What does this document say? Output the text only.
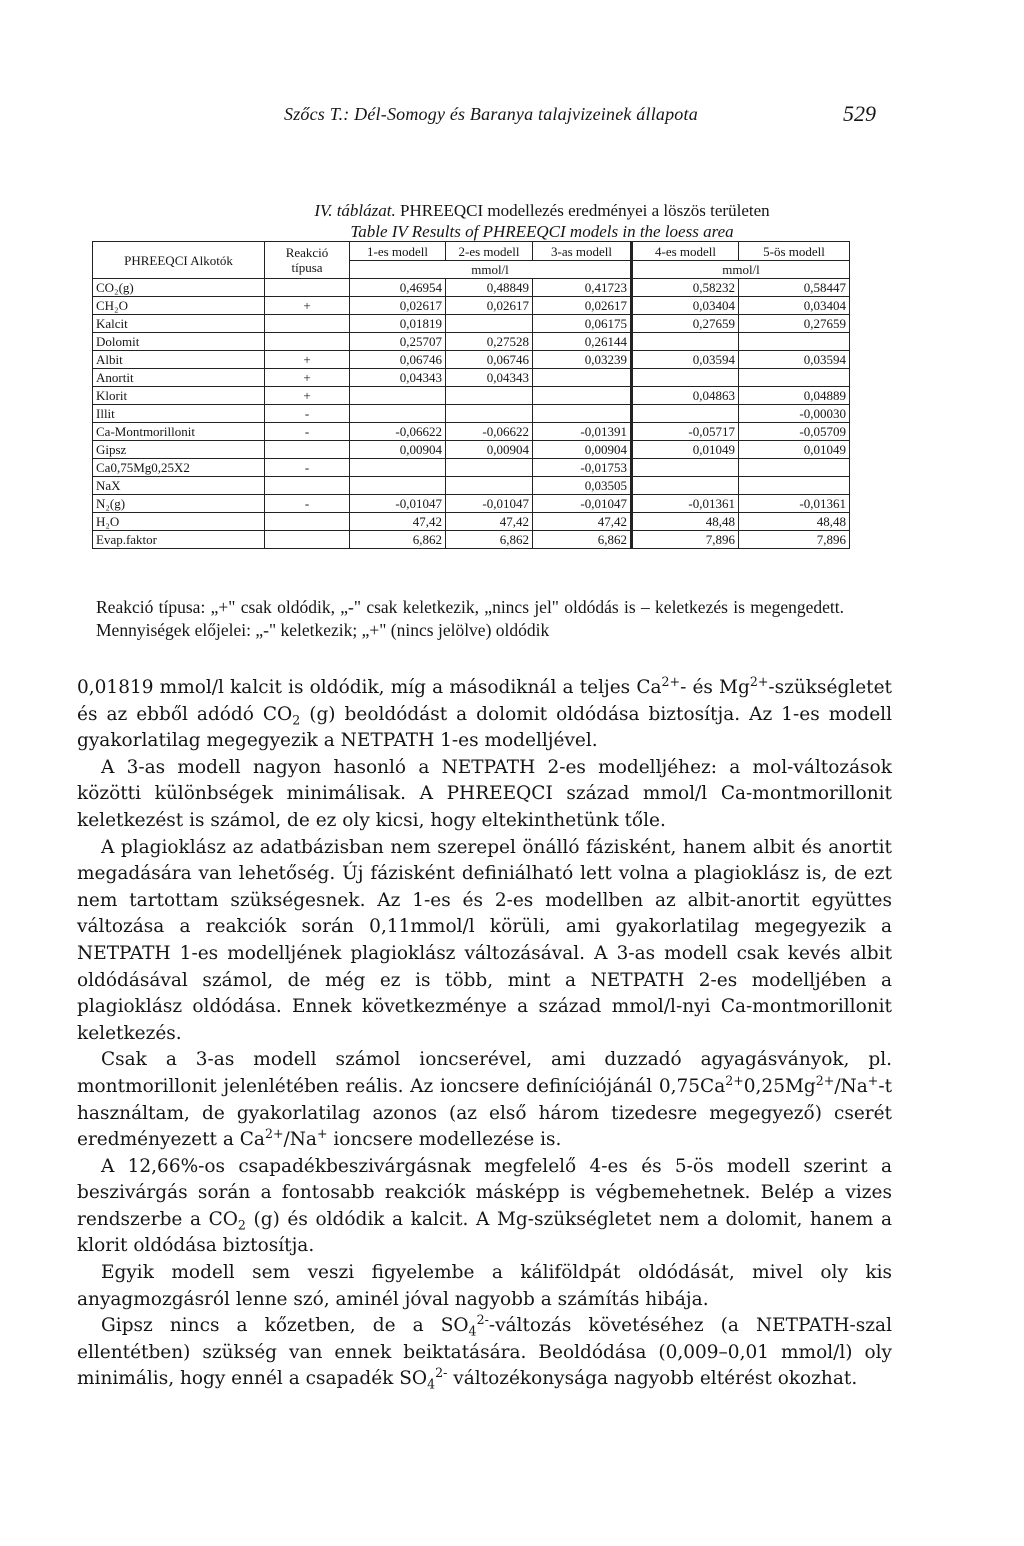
Szőcs T.: Dél-Somogy és Baranya talajvizeinek állapota	529
IV. táblázat. PHREEQCI modellezés eredményei a löszös területen
Table IV Results of PHREEQCI models in the loess area
PHREEQCI Alkotók	Reakció
típusa	1-es modell	2-es modell	3-as modell	4-es modell	5-ös modell
		mmol/l			mmol/l	
CO₂(g)		0,46954	0,48849	0,41723	0,58232	0,58447
CH₂O	+	0,02617	0,02617	0,02617	0,03404	0,03404
Kalcit		0,01819		0,06175	0,27659	0,27659
Dolomit		0,25707	0,27528	0,26144		
Albit	+	0,06746	0,06746	0,03239	0,03594	0,03594
Anortit	+	0,04343	0,04343			
Klorit	+				0,04863	0,04889
Illit	-					-0,00030
Ca-Montmorillonit	-	-0,06622	-0,06622	-0,01391	-0,05717	-0,05709
Gipsz		0,00904	0,00904	0,00904	0,01049	0,01049
Ca0,75Mg0,25X2	-			-0,01753		
NaX				0,03505		
N₂(g)	-	-0,01047	-0,01047	-0,01047	-0,01361	-0,01361
H₂O		47,42	47,42	47,42	48,48	48,48
Evap.faktor		6,862	6,862	6,862	7,896	7,896
Reakció típusa: „+" csak oldódik, „-" csak keletkezik, „nincs jel" oldódás is – keletkezés is megengedett. Mennyiségek előjelei: „-" keletkezik; „+" (nincs jelölve) oldódik

0,01819 mmol/l kalcit is oldódik, míg a másodiknál a teljes $Ca^{2+}-$ és $Mg^{2+}$-szükségletet és az ebből adódó $CO_2$ (g) beoldódást a dolomit oldódása biztosítja. Az 1-es modell gyakorlatilag megegyezik a NETPATH 1-es modelljével.

A 3-as modell nagyon hasonló a NETPATH 2-es modelljéhez: a mol-változások közötti különbségek minimálisak. A PHREEQCI század mmol/l Ca-montmorillonit keletkezést is számol, de ez oly kicsi, hogy eltekinthetünk tőle.

A plagioklász az adatbázisban nem szerepel önálló fázisként, hanem albit és anortit megadására van lehetőség. Új fázisként definiálható lett volna a plagioklász is, de ezt nem tartottam szükségesnek. Az 1-es és 2-es modellben az albit-anortit együttes változása a reakciók során 0,11mmol/l körüli, ami gyakorlatilag megegyezik a NETPATH 1-es modelljének plagioklász változásával. A 3-as modell csak kevés albit oldódásával számol, de még ez is több, mint a NETPATH 2-es modelljében a plagioklász oldódása. Ennek következménye a század mmol/l-nyi Ca-montmorillonit keletkezés.

Csak a 3-as modell számol ioncserével, ami duzzadó agyagásványok, pl. montmorillonit jelenlétében reális. Az ioncsere definíciójánál $0,75Ca^{2+}0,25Mg^{2+}/Na^+-t$ használtam, de gyakorlatilag azonos (az első három tizedesre megegyező) cserét eredményezett a $Ca^{2+}/Na^+$ ioncsere modellezése is.

A 12,66%-os csapadékbeszivárgásnak megfelelő 4-es és 5-ös modell szerint a beszivárgás során a fontosabb reakciók másképp is végbemehetnek. Belép a vizes rendszerbe a $CO_2$ (g) és oldódik a kalcit. A Mg-szükségletet nem a dolomit, hanem a klorit oldódása biztosítja.

Egyik modell sem veszi figyelembe a káliföldpát oldódását, mivel oly kis anyagmozgásról lenne szó, aminél jóval nagyobb a számítás hibája.

Gipsz nincs a kőzetben, de a $SO_4^{2-}$-változás követéséhez (a NETPATH-szal ellentétben) szükség van ennek beiktatására. Beoldódása (0,009–0,01 mmol/l) oly minimális, hogy ennél a csapadék $SO_4^{2-}$ változékonysága nagyobb eltérést okozhat.
